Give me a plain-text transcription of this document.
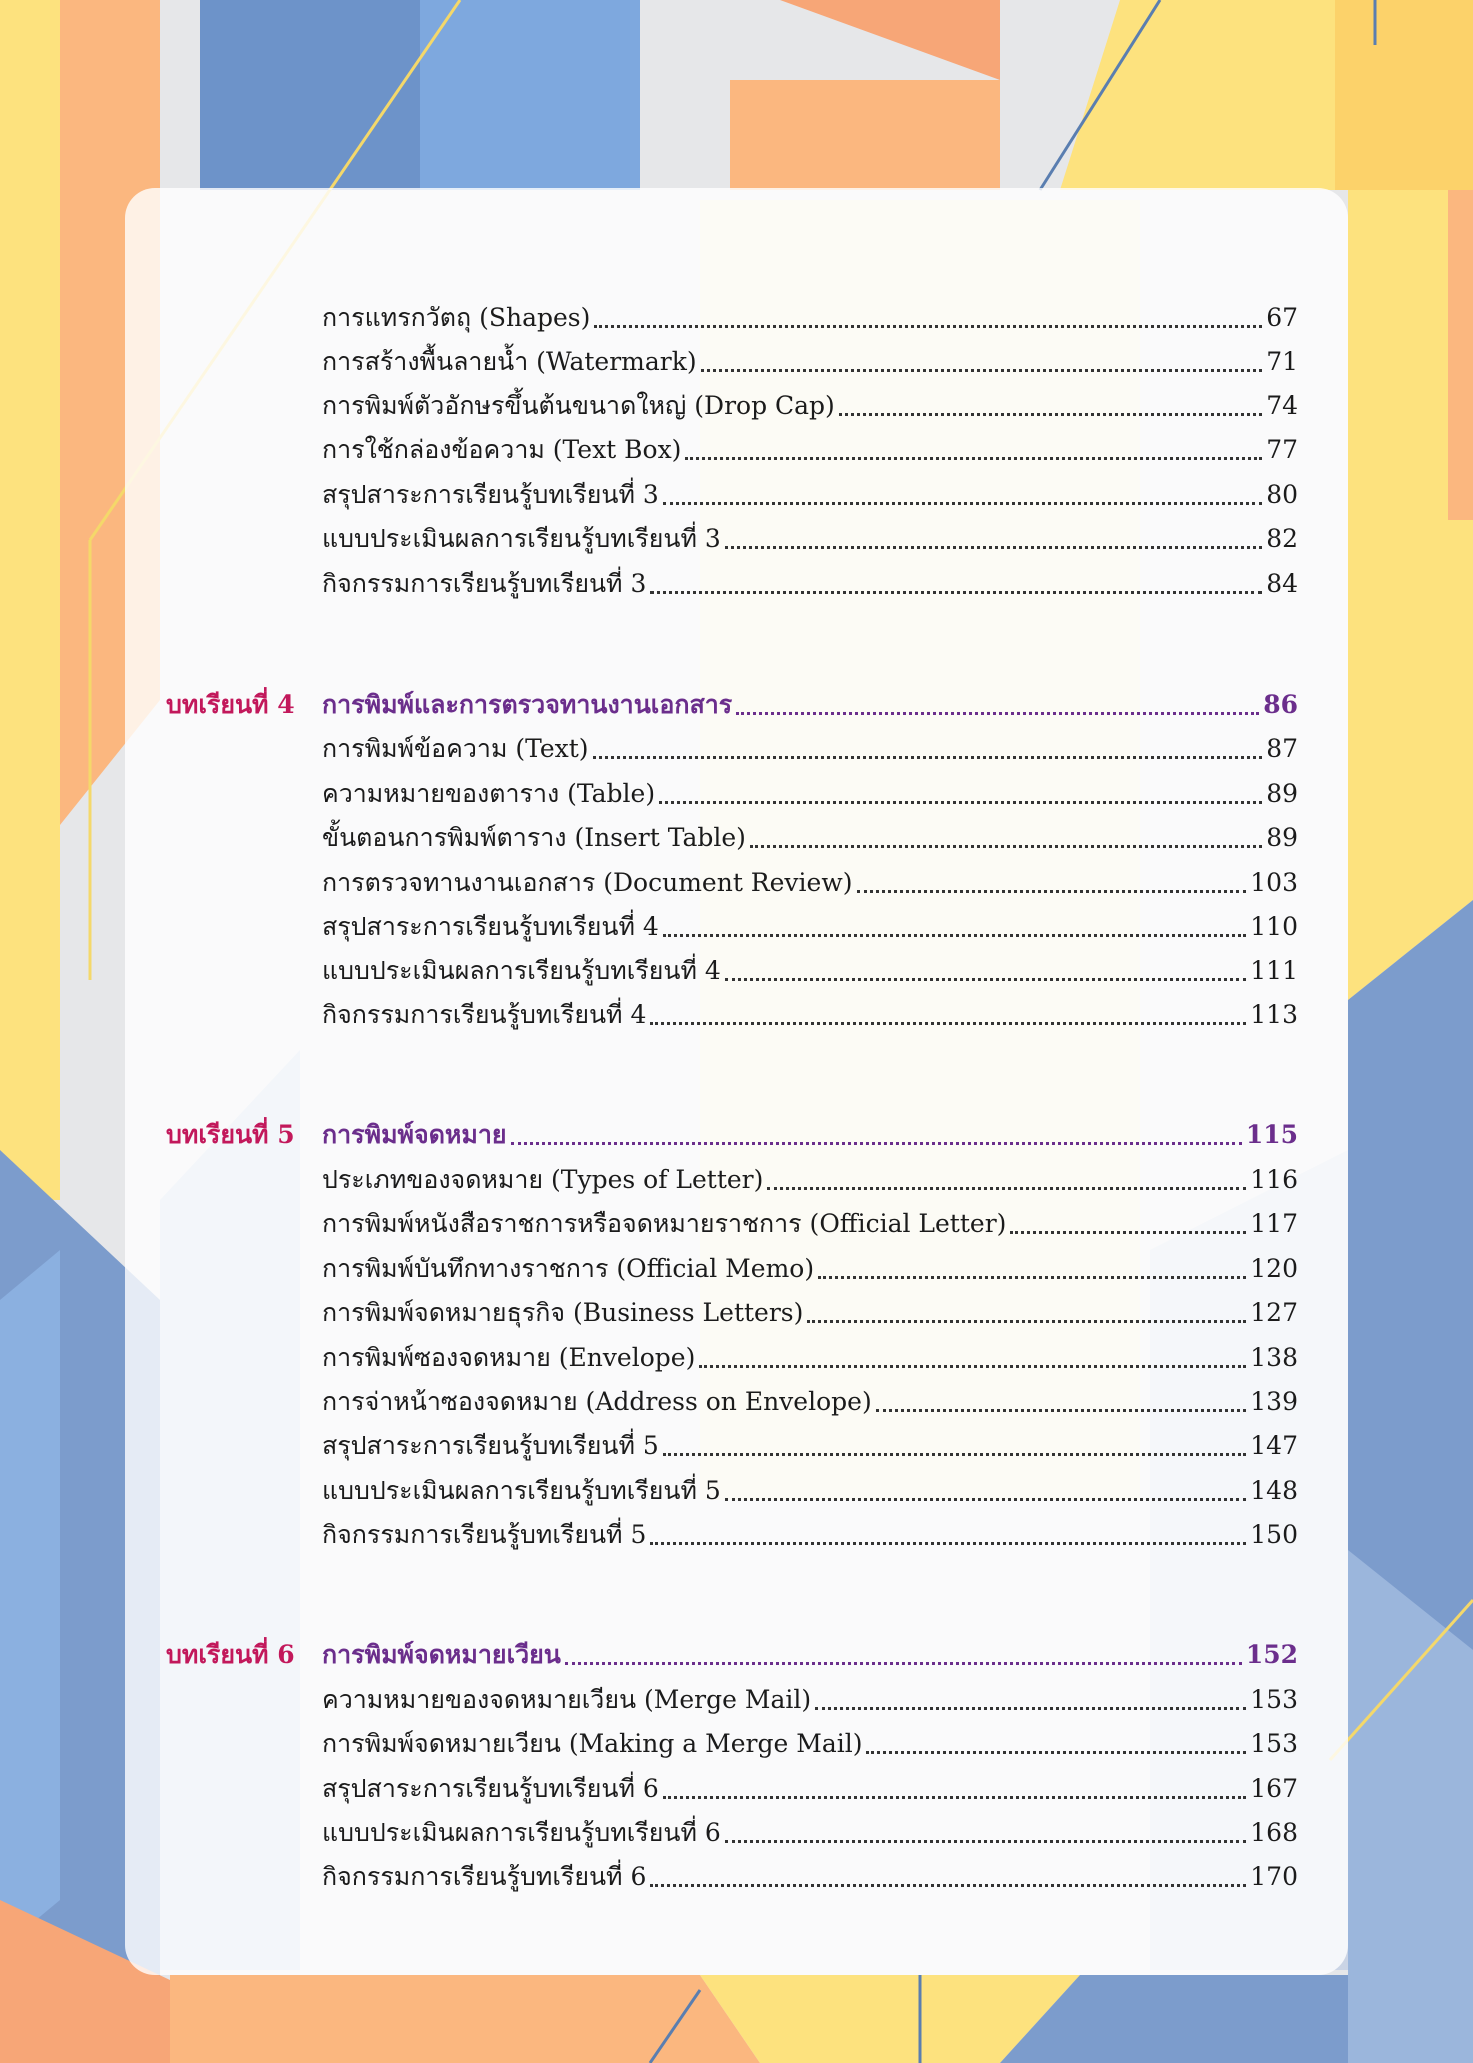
การแทรกวัตถุ (Shapes)	67
การสร้างพื้นลายน้ำ (Watermark)	71
การพิมพ์ตัวอักษรขึ้นต้นขนาดใหญ่ (Drop Cap)	74
การใช้กล่องข้อความ (Text Box)	77
สรุปสาระการเรียนรู้บทเรียนที่ 3	80
แบบประเมินผลการเรียนรู้บทเรียนที่ 3	82
กิจกรรมการเรียนรู้บทเรียนที่ 3	84
บทเรียนที่ 4	การพิมพ์และการตรวจทานงานเอกสาร	86
การพิมพ์ข้อความ (Text)	87
ความหมายของตาราง (Table)	89
ขั้นตอนการพิมพ์ตาราง (Insert Table)	89
การตรวจทานงานเอกสาร (Document Review)	103
สรุปสาระการเรียนรู้บทเรียนที่ 4	110
แบบประเมินผลการเรียนรู้บทเรียนที่ 4	111
กิจกรรมการเรียนรู้บทเรียนที่ 4	113
บทเรียนที่ 5	การพิมพ์จดหมาย	115
ประเภทของจดหมาย (Types of Letter)	116
การพิมพ์หนังสือราชการหรือจดหมายราชการ (Official Letter)	117
การพิมพ์บันทึกทางราชการ (Official Memo)	120
การพิมพ์จดหมายธุรกิจ (Business Letters)	127
การพิมพ์ซองจดหมาย (Envelope)	138
การจ่าหน้าซองจดหมาย (Address on Envelope)	139
สรุปสาระการเรียนรู้บทเรียนที่ 5	147
แบบประเมินผลการเรียนรู้บทเรียนที่ 5	148
กิจกรรมการเรียนรู้บทเรียนที่ 5	150
บทเรียนที่ 6	การพิมพ์จดหมายเวียน	152
ความหมายของจดหมายเวียน (Merge Mail)	153
การพิมพ์จดหมายเวียน (Making a Merge Mail)	153
สรุปสาระการเรียนรู้บทเรียนที่ 6	167
แบบประเมินผลการเรียนรู้บทเรียนที่ 6	168
กิจกรรมการเรียนรู้บทเรียนที่ 6	170
